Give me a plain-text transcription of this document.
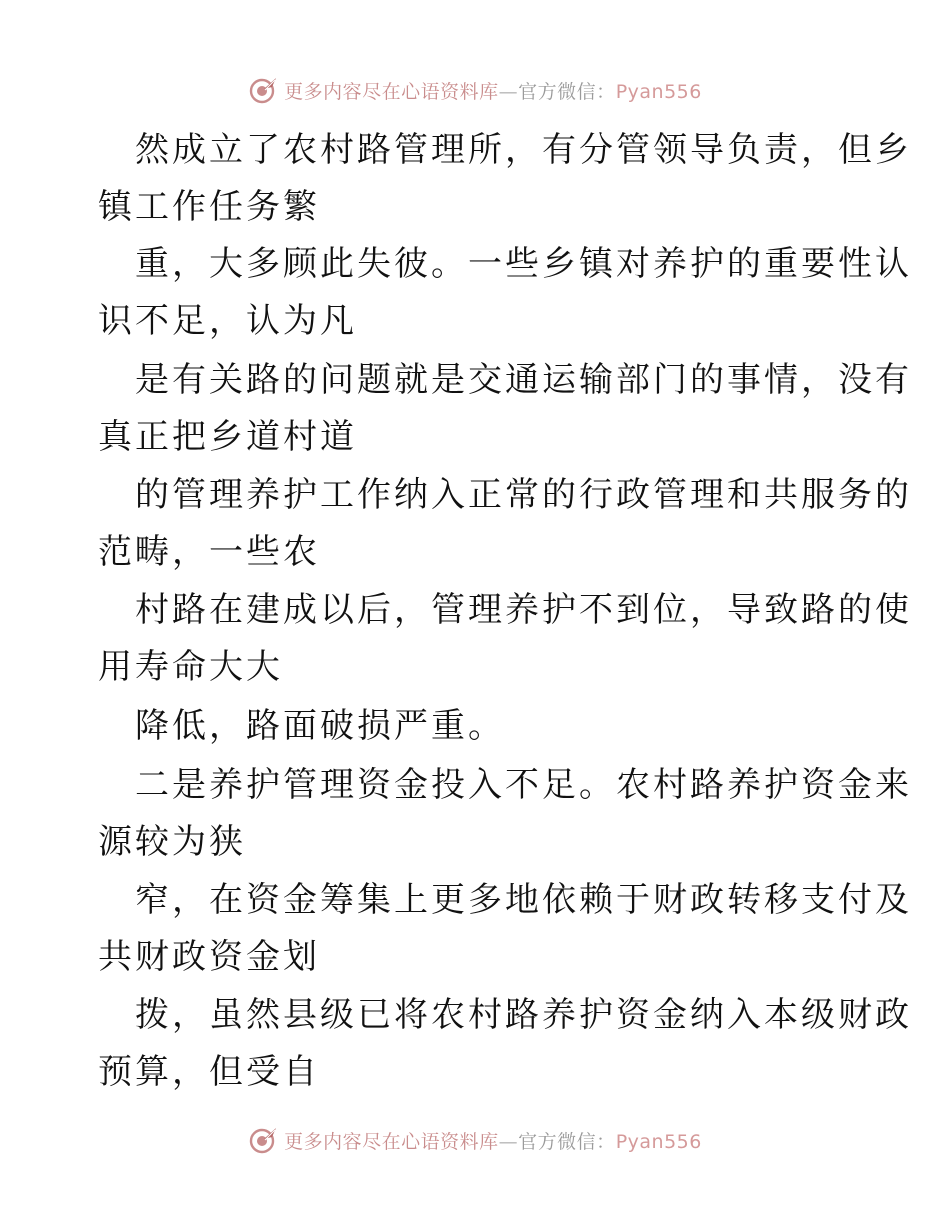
更多内容尽在心语资料库—官方微信：Pyan556
然成立了农村路管理所，有分管领导负责，但乡
镇工作任务繁
重，大多顾此失彼。一些乡镇对养护的重要性认
识不足，认为凡
是有关路的问题就是交通运输部门的事情，没有
真正把乡道村道
的管理养护工作纳入正常的行政管理和共服务的
范畴，一些农
村路在建成以后，管理养护不到位，导致路的使
用寿命大大
降低，路面破损严重。
二是养护管理资金投入不足。农村路养护资金来
源较为狭
窄，在资金筹集上更多地依赖于财政转移支付及
共财政资金划
拨，虽然县级已将农村路养护资金纳入本级财政
预算，但受自
更多内容尽在心语资料库—官方微信：Pyan556
